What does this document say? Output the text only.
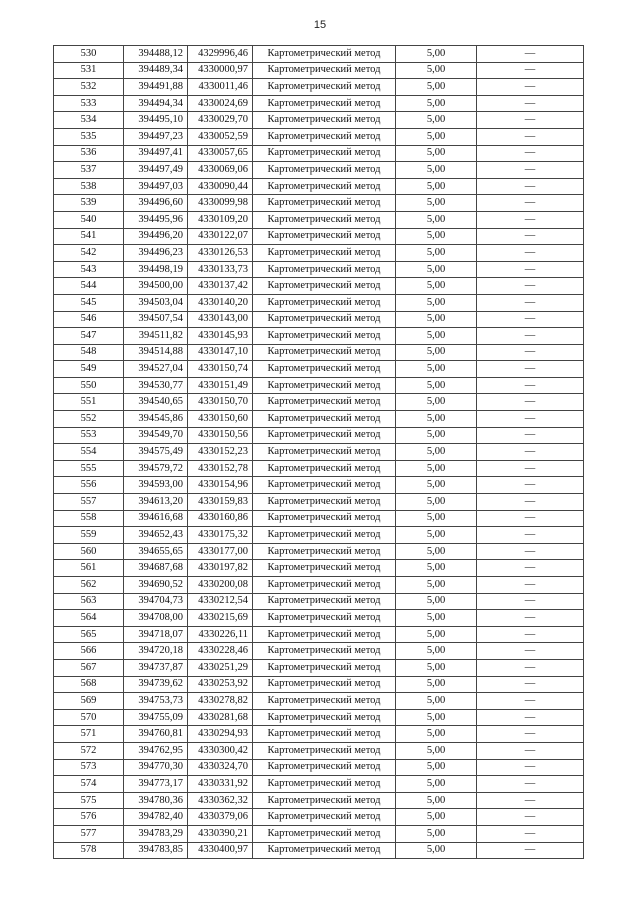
15
530	394488,12	4329996,46	Картометрический метод	5,00	—
531	394489,34	4330000,97	Картометрический метод	5,00	—
532	394491,88	4330011,46	Картометрический метод	5,00	—
533	394494,34	4330024,69	Картометрический метод	5,00	—
534	394495,10	4330029,70	Картометрический метод	5,00	—
535	394497,23	4330052,59	Картометрический метод	5,00	—
536	394497,41	4330057,65	Картометрический метод	5,00	—
537	394497,49	4330069,06	Картометрический метод	5,00	—
538	394497,03	4330090,44	Картометрический метод	5,00	—
539	394496,60	4330099,98	Картометрический метод	5,00	—
540	394495,96	4330109,20	Картометрический метод	5,00	—
541	394496,20	4330122,07	Картометрический метод	5,00	—
542	394496,23	4330126,53	Картометрический метод	5,00	—
543	394498,19	4330133,73	Картометрический метод	5,00	—
544	394500,00	4330137,42	Картометрический метод	5,00	—
545	394503,04	4330140,20	Картометрический метод	5,00	—
546	394507,54	4330143,00	Картометрический метод	5,00	—
547	394511,82	4330145,93	Картометрический метод	5,00	—
548	394514,88	4330147,10	Картометрический метод	5,00	—
549	394527,04	4330150,74	Картометрический метод	5,00	—
550	394530,77	4330151,49	Картометрический метод	5,00	—
551	394540,65	4330150,70	Картометрический метод	5,00	—
552	394545,86	4330150,60	Картометрический метод	5,00	—
553	394549,70	4330150,56	Картометрический метод	5,00	—
554	394575,49	4330152,23	Картометрический метод	5,00	—
555	394579,72	4330152,78	Картометрический метод	5,00	—
556	394593,00	4330154,96	Картометрический метод	5,00	—
557	394613,20	4330159,83	Картометрический метод	5,00	—
558	394616,68	4330160,86	Картометрический метод	5,00	—
559	394652,43	4330175,32	Картометрический метод	5,00	—
560	394655,65	4330177,00	Картометрический метод	5,00	—
561	394687,68	4330197,82	Картометрический метод	5,00	—
562	394690,52	4330200,08	Картометрический метод	5,00	—
563	394704,73	4330212,54	Картометрический метод	5,00	—
564	394708,00	4330215,69	Картометрический метод	5,00	—
565	394718,07	4330226,11	Картометрический метод	5,00	—
566	394720,18	4330228,46	Картометрический метод	5,00	—
567	394737,87	4330251,29	Картометрический метод	5,00	—
568	394739,62	4330253,92	Картометрический метод	5,00	—
569	394753,73	4330278,82	Картометрический метод	5,00	—
570	394755,09	4330281,68	Картометрический метод	5,00	—
571	394760,81	4330294,93	Картометрический метод	5,00	—
572	394762,95	4330300,42	Картометрический метод	5,00	—
573	394770,30	4330324,70	Картометрический метод	5,00	—
574	394773,17	4330331,92	Картометрический метод	5,00	—
575	394780,36	4330362,32	Картометрический метод	5,00	—
576	394782,40	4330379,06	Картометрический метод	5,00	—
577	394783,29	4330390,21	Картометрический метод	5,00	—
578	394783,85	4330400,97	Картометрический метод	5,00	—
